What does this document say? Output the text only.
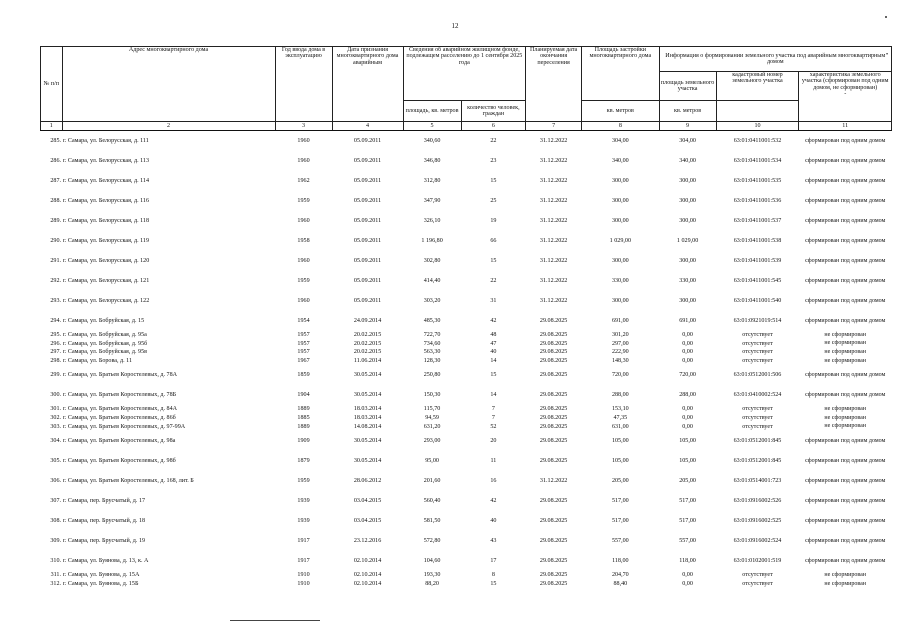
12
•
№ п/п	Адрес многоквартирного дома	Год ввода дома в эксплуатацию	Дата признания многоквартирного дома аварийным	Сведения об аварийном жилищном фонде, подлежащем расселению до 1 сентября 2025 года		Планируемая дата окончания переселения	Площадь застройки многоквартирного дома	Информация о формировании земельного участка под аварийным многоквартирным домом		
								площадь земельного участка	кадастровый номер земельного участка	характеристика земельного участка (сформирован под одним домом, не сформирован)
-
				площадь, кв. метров	количество человек, граждан		кв. метров	кв. метров		
1	2	3	4	5	6	7	8	9	10	11
285.	г. Самара, ул. Белорусская, д. 111	1960	05.09.2011	340,60	22	31.12.2022	304,00	304,00	63:01:0411001:532	сформирован под одним домом
286.	г. Самара, ул. Белорусская, д. 113	1960	05.09.2011	346,80	23	31.12.2022	340,00	340,00	63:01:0411001:534	сформирован под одним домом
287.	г. Самара, ул. Белорусская, д. 114	1962	05.09.2011	312,80	15	31.12.2022	300,00	300,00	63:01:0411001:535	сформирован под одним домом
288.	г. Самара, ул. Белорусская, д. 116	1959	05.09.2011	347,90	25	31.12.2022	300,00	300,00	63:01:0411001:536	сформирован под одним домом
289.	г. Самара, ул. Белорусская, д. 118	1960	05.09.2011	326,10	19	31.12.2022	300,00	300,00	63:01:0411001:537	сформирован под одним домом
290.	г. Самара, ул. Белорусская, д. 119	1958	05.09.2011	1 196,80	66	31.12.2022	1 029,00	1 029,00	63:01:0411001:538	сформирован под одним домом
291.	г. Самара, ул. Белорусская, д. 120	1960	05.09.2011	302,80	15	31.12.2022	300,00	300,00	63:01:0411001:539	сформирован под одним домом
292.	г. Самара, ул. Белорусская, д. 121	1959	05.09.2011	414,40	22	31.12.2022	330,00	330,00	63:01:0411001:545	сформирован под одним домом
293.	г. Самара, ул. Белорусская, д. 122	1960	05.09.2011	303,20	31	31.12.2022	300,00	300,00	63:01:0411001:540	сформирован под одним домом
294.	г. Самара, ул. Бобруйская, д. 15	1954	24.09.2014	485,30	42	29.08.2025	691,00	691,00	63:01:0921019:514	сформирован под одним домом
295.	г. Самара, ул. Бобруйская, д. 95а	1957	20.02.2015	722,70	48	29.08.2025	301,20	0,00	отсутствует	не сформирован
296.	г. Самара, ул. Бобруйская, д. 95б	1957	20.02.2015	734,60	47	29.08.2025	297,00	0,00	отсутствует	не сформирован
297.	г. Самара, ул. Бобруйская, д. 95в	1957	20.02.2015	563,30	40	29.08.2025	222,90	0,00	отсутствует	не сформирован
298.	г. Самара, ул. Борова, д. 11	1967	11.06.2014	128,30	14	29.08.2025	148,30	0,00	отсутствует	не сформирован
299.	г. Самара, ул. Братьев Коростелевых, д. 78А	1859	30.05.2014	250,80	15	29.08.2025	720,00	720,00	63:01:0512001:506	сформирован под одним домом
300.	г. Самара, ул. Братьев Коростелевых, д. 78Б	1904	30.05.2014	150,30	14	29.08.2025	288,00	288,00	63:01:0410002:524	сформирован под одним домом
301.	г. Самара, ул. Братьев Коростелевых, д. 84А	1889	18.03.2014	115,70	7	29.08.2025	153,10	0,00	отсутствует	не сформирован
302.	г. Самара, ул. Братьев Коростелевых, д. 86б	1885	18.03.2014	94,59	7	29.08.2025	47,35	0,00	отсутствует	не сформирован
303.	г. Самара, ул. Братьев Коростелевых, д. 97-99А	1889	14.08.2014	631,20	52	29.08.2025	631,00	0,00	отсутствует	не сформирован
304.	г. Самара, ул. Братьев Коростелевых, д. 98а	1909	30.05.2014	293,00	20	29.08.2025	105,00	105,00	63:01:0512001:845	сформирован под одним домом
305.	г. Самара, ул. Братьев Коростелевых, д. 98б	1879	30.05.2014	95,00	11	29.08.2025	105,00	105,00	63:01:0512001:845	сформирован под одним домом
306.	г. Самара, ул. Братьев Коростелевых, д. 168, лит. Б	1959	28.06.2012	201,60	16	31.12.2022	205,00	205,00	63:01:0514001:723	сформирован под одним домом
307.	г. Самара, пер. Брусчатый, д. 17	1939	03.04.2015	560,40	42	29.08.2025	517,00	517,00	63:01:0916002:526	сформирован под одним домом
308.	г. Самара, пер. Брусчатый, д. 18	1939	03.04.2015	581,50	40	29.08.2025	517,00	517,00	63:01:0916002:525	сформирован под одним домом
309.	г. Самара, пер. Брусчатый, д. 19	1917	23.12.2016	572,80	43	29.08.2025	557,00	557,00	63:01:0916002:524	сформирован под одним домом
310.	г. Самара, ул. Буянова, д. 13, к. А	1917	02.10.2014	104,60	17	29.08.2025	118,00	118,00	63:01:0102001:519	сформирован под одним домом
311.	г. Самара, ул. Буянова, д. 15А	1910	02.10.2014	193,30	8	29.08.2025	204,70	0,00	отсутствует	не сформирован
312.	г. Самара, ул. Буянова, д. 15Б	1910	02.10.2014	88,20	15	29.08.2025	88,40	0,00	отсутствует	не сформирован
